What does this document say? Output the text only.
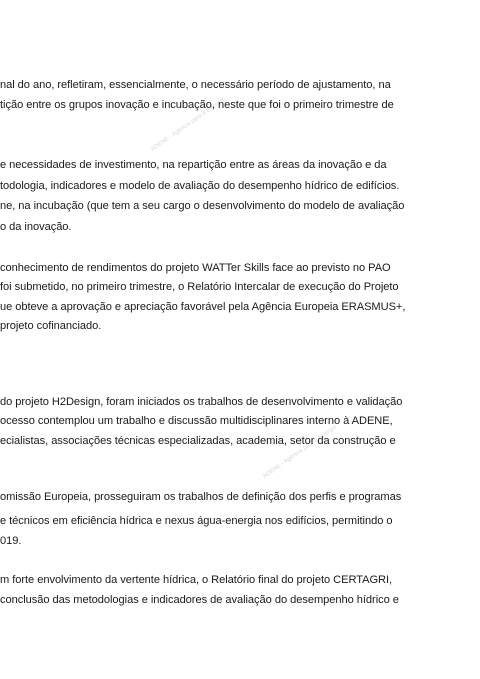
ADENE - Agência para a Energia
ADENE - Agência para a Energia
nal do ano, refletiram, essencialmente, o necessário período de ajustamento, na
tição entre os grupos inovação e incubação, neste que foi o primeiro trimestre de
e necessidades de investimento, na repartição entre as áreas da inovação e da
todologia, indicadores e modelo de avaliação do desempenho hídrico de edifícios.
ne, na incubação (que tem a seu cargo o desenvolvimento do modelo de avaliação
o da inovação.
conhecimento de rendimentos do projeto WATTer Skills face ao previsto no PAO
foi submetido, no primeiro trimestre, o Relatório Intercalar de execução do Projeto
ue obteve a aprovação e apreciação favorável pela Agência Europeia ERASMUS+,
projeto cofinanciado.
do projeto H2Design, foram iniciados os trabalhos de desenvolvimento e validação
ocesso contemplou um trabalho e discussão multidisciplinares interno à ADENE,
ecialistas, associações técnicas especializadas, academia, setor da construção e
omissão Europeia, prosseguiram os trabalhos de definição dos perfis e programas
e técnicos em eficiência hídrica e nexus água-energia nos edifícios, permitindo o
019.
m forte envolvimento da vertente hídrica, o Relatório final do projeto CERTAGRI,
conclusão das metodologias e indicadores de avaliação do desempenho hídrico e
